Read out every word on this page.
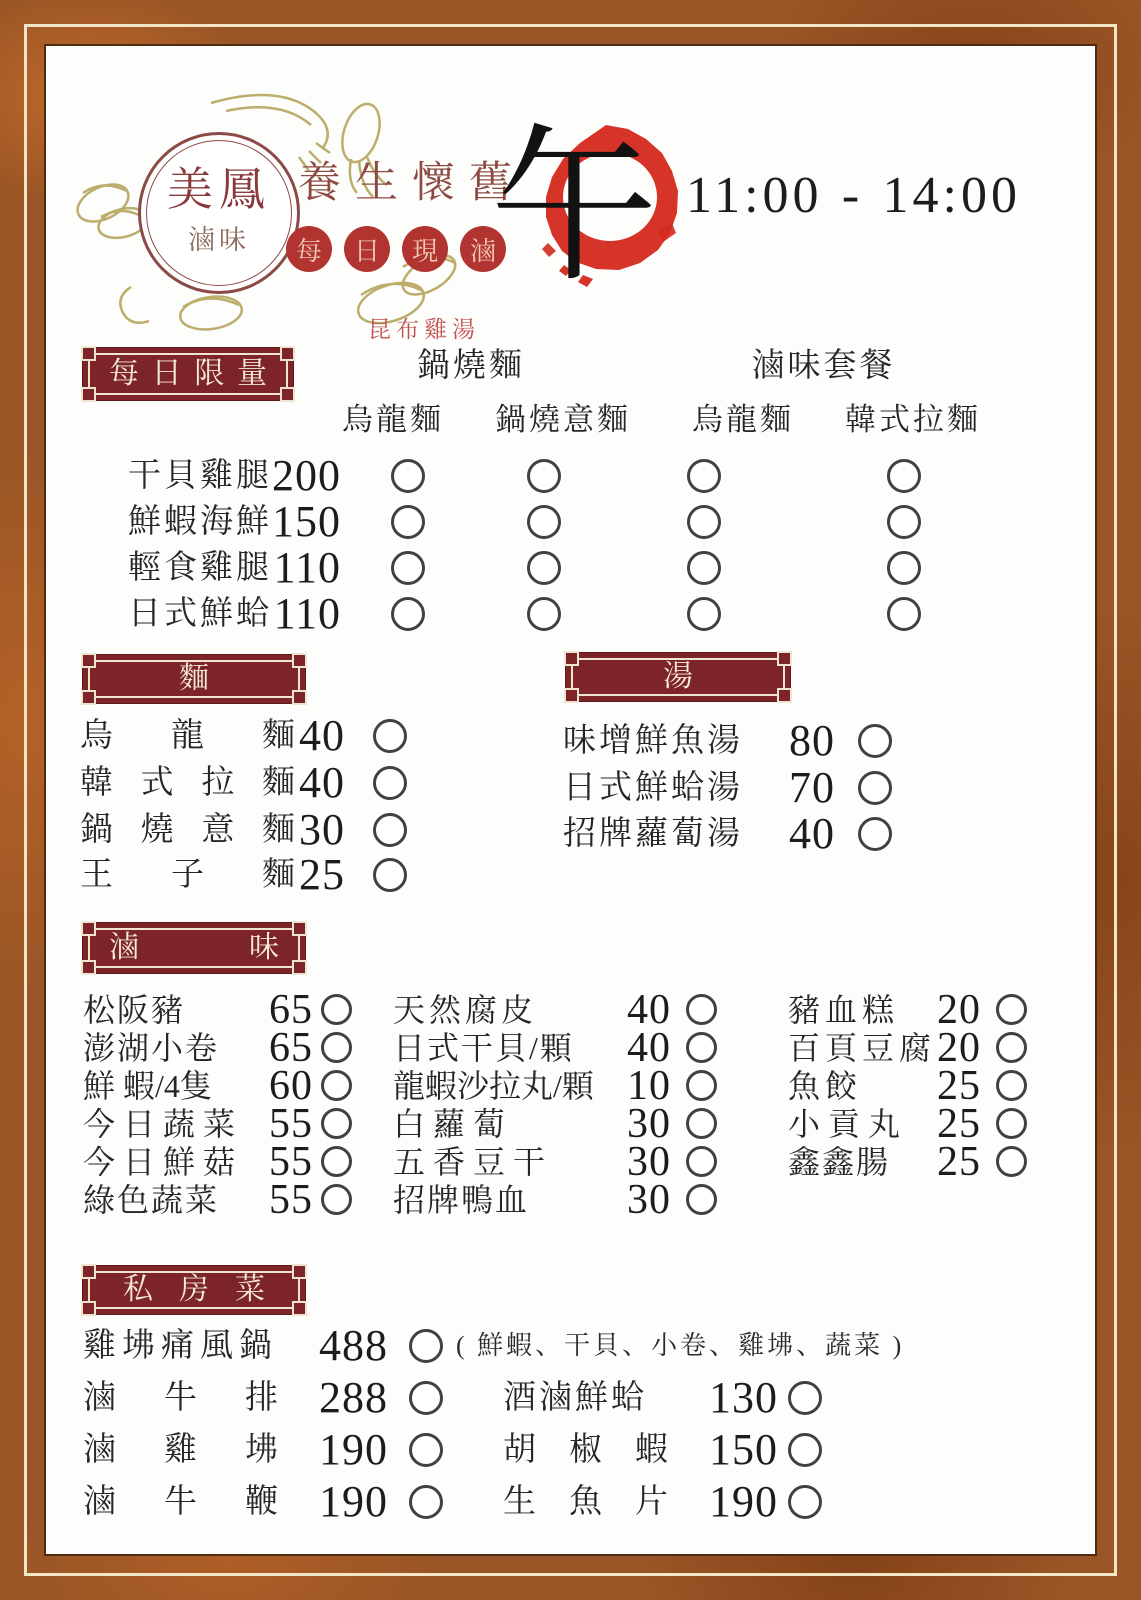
美鳳
滷味
養生懷舊
每	日	現	滷
午 11:00 - 14:00
昆布雞湯
鍋燒麵	滷味套餐
每 日 限 量
烏龍麵	鍋燒意麵	烏龍麵	韓式拉麵
干貝雞腿 200
鮮蝦海鮮 150
輕食雞腿 110
日式鮮蛤 110
麵
烏 龍 麵 40
韓 式 拉 麵 40
鍋 燒 意 麵 30
王 子 麵 25
湯
味增鮮魚湯	80
日式鮮蛤湯	70
招牌蘿蔔湯	40
滷 味
松阪豬	65
澎湖小卷	65
鮮 蝦/4隻	60
今日蔬菜 55
今日鮮菇 55
綠色蔬菜	55
天然腐皮	40
日式干貝/顆	40
龍蝦沙拉丸/顆 10
白蘿蔔	30
五香豆干	30
招牌鴨血	30
豬血糕 20
百頁豆腐 20
魚餃	25
小貢丸 25
鑫鑫腸	25
私 房 菜
雞坲痛風鍋 488	( 鮮蝦、干貝、小卷、雞坲、蔬菜 )
滷 牛 排 288	酒滷鮮蛤	130
滷 雞 坲 190	胡 椒 蝦 150
滷 牛 鞭 190	生 魚 片 190
